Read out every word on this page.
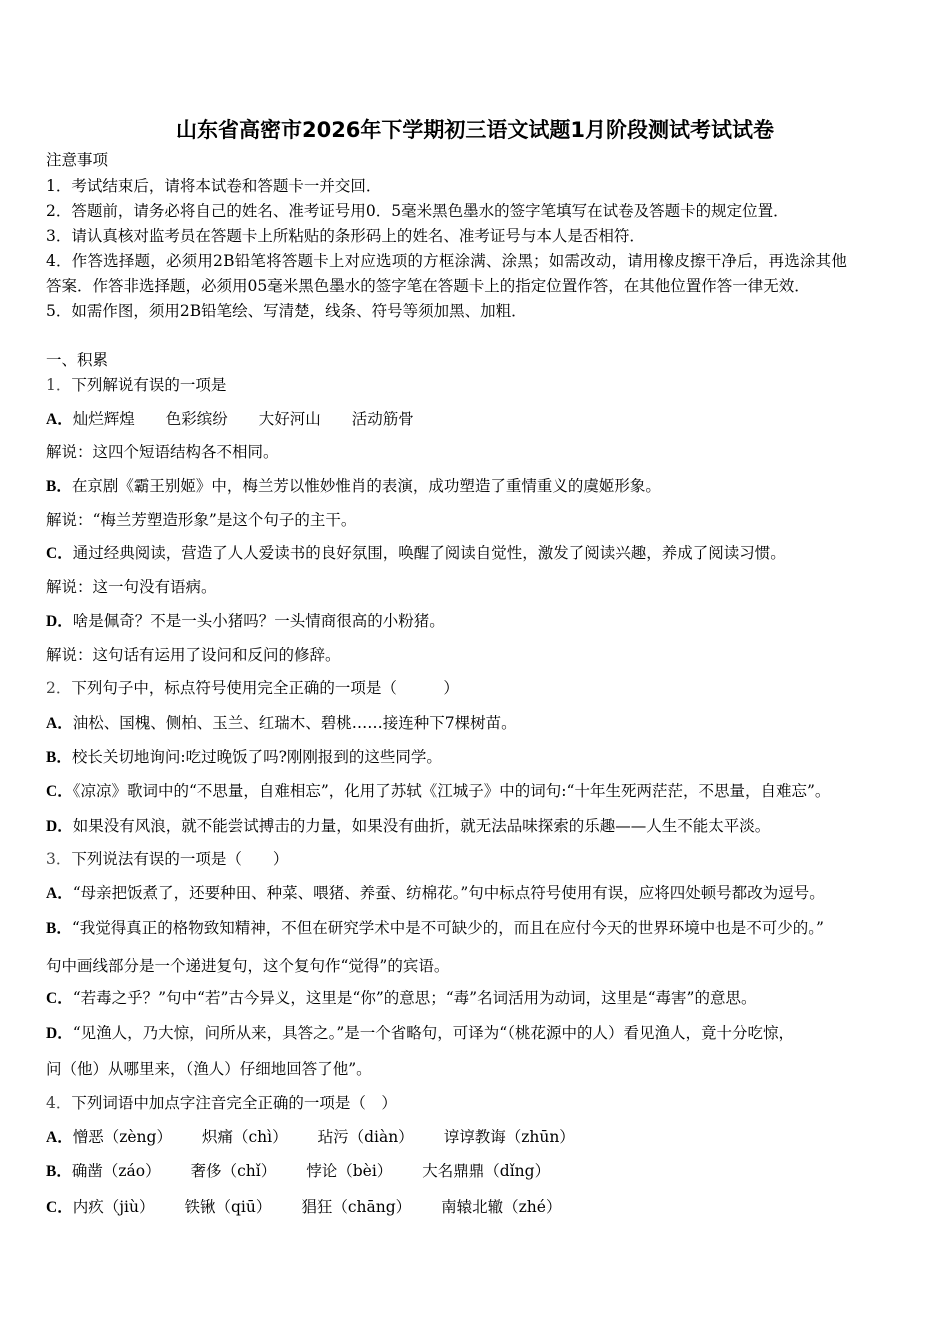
山东省高密市2026年下学期初三语文试题1月阶段测试考试试卷
注意事项
1．考试结束后，请将本试卷和答题卡一并交回．
2．答题前，请务必将自己的姓名、准考证号用0．5毫米黑色墨水的签字笔填写在试卷及答题卡的规定位置．
3．请认真核对监考员在答题卡上所粘贴的条形码上的姓名、准考证号与本人是否相符．
4．作答选择题，必须用2B铅笔将答题卡上对应选项的方框涂满、涂黑；如需改动，请用橡皮擦干净后，再选涂其他
答案．作答非选择题，必须用05毫米黑色墨水的签字笔在答题卡上的指定位置作答，在其他位置作答一律无效．
5．如需作图，须用2B铅笔绘、写清楚，线条、符号等须加黑、加粗．
一、积累
1．下列解说有误的一项是
A．灿烂辉煌　　色彩缤纷　　大好河山　　活动筋骨
解说：这四个短语结构各不相同。
B．在京剧《霸王别姬》中，梅兰芳以惟妙惟肖的表演，成功塑造了重情重义的虞姬形象。
解说：“梅兰芳塑造形象”是这个句子的主干。
C．通过经典阅读，营造了人人爱读书的良好氛围，唤醒了阅读自觉性，激发了阅读兴趣，养成了阅读习惯。
解说：这一句没有语病。
D．啥是佩奇？不是一头小猪吗？一头情商很高的小粉猪。
解说：这句话有运用了设问和反问的修辞。
2．下列句子中，标点符号使用完全正确的一项是（　　　）
A．油松、国槐、侧柏、玉兰、红瑞木、碧桃……接连种下7棵树苗。
B．校长关切地询问:吃过晚饭了吗?刚刚报到的这些同学。
C．《凉凉》歌词中的“不思量，自难相忘”，化用了苏轼《江城子》中的词句:“十年生死两茫茫，不思量，自难忘”。
D．如果没有风浪，就不能尝试搏击的力量，如果没有曲折，就无法品味探索的乐趣——人生不能太平淡。
3．下列说法有误的一项是（　　）
A．“母亲把饭煮了，还要种田、种菜、喂猪、养蚕、纺棉花。”句中标点符号使用有误，应将四处顿号都改为逗号。
B．“我觉得真正的格物致知精神，不但在研究学术中是不可缺少的，而且在应付今天的世界环境中也是不可少的。”
句中画线部分是一个递进复句，这个复句作“觉得”的宾语。
C．“若毒之乎？”句中“若”古今异义，这里是“你”的意思；“毒”名词活用为动词，这里是“毒害”的意思。
D．“见渔人，乃大惊，问所从来，具答之。”是一个省略句，可译为“（桃花源中的人）看见渔人，竟十分吃惊，
问（他）从哪里来，（渔人）仔细地回答了他”。
4．下列词语中加点字注音完全正确的一项是（　）
A．憎恶（zèng） 炽痛（chì） 玷污（diàn） 谆谆教诲（zhūn）
B．确凿（záo） 奢侈（chǐ） 悖论（bèi） 大名鼎鼎（dǐng）
C．内疚（jiù） 铁锹（qiū） 猖狂（chāng） 南辕北辙（zhé）
